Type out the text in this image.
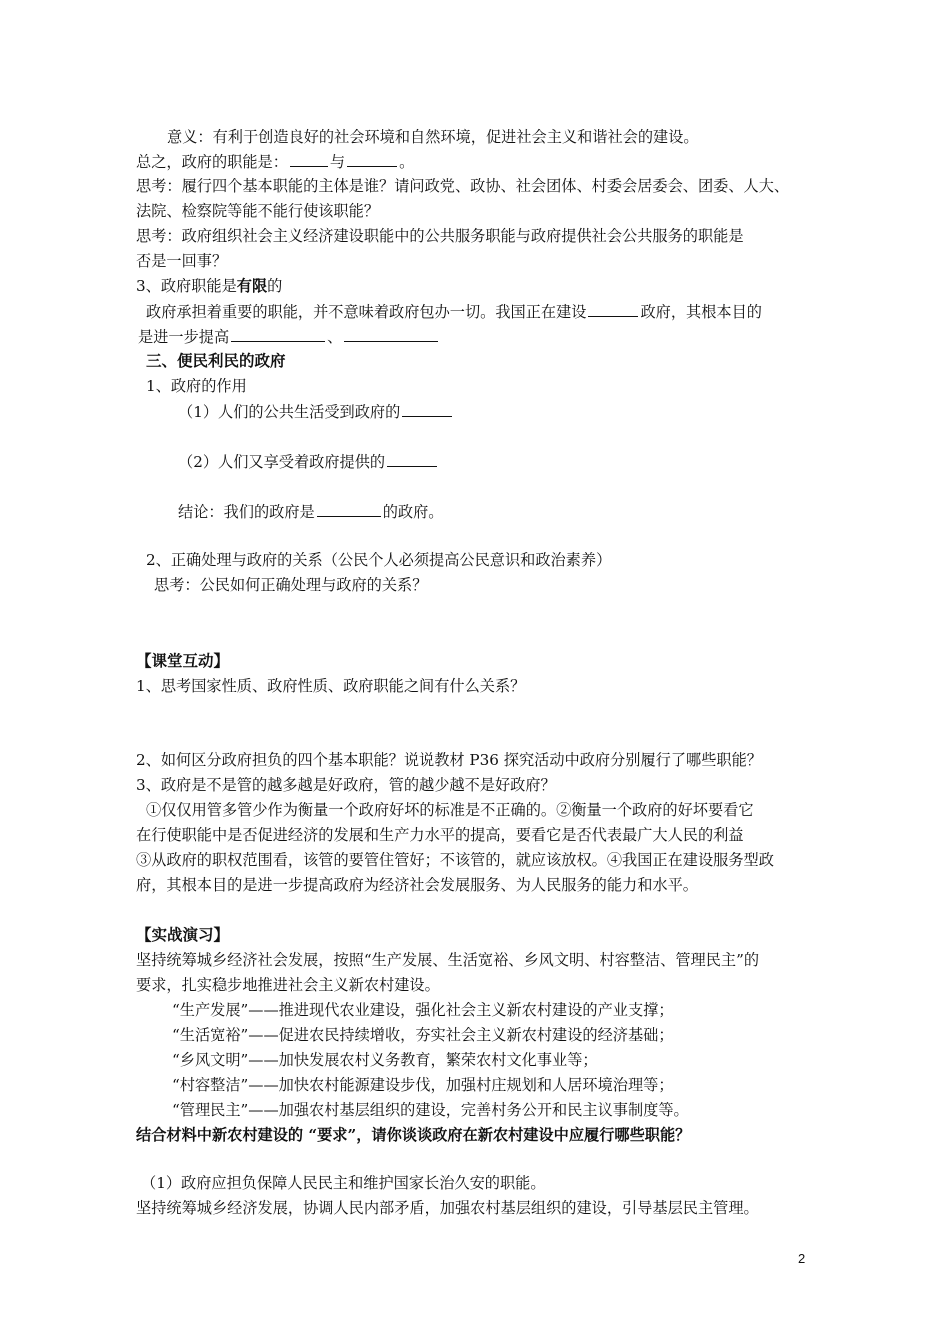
意义：有利于创造良好的社会环境和自然环境，促进社会主义和谐社会的建设。
总之，政府的职能是：	与	。
思考：履行四个基本职能的主体是谁？请问政党、政协、社会团体、村委会居委会、团委、人大、
法院、检察院等能不能行使该职能？
思考：政府组织社会主义经济建设职能中的公共服务职能与政府提供社会公共服务的职能是
否是一回事？
3、政府职能是有限的
政府承担着重要的职能，并不意味着政府包办一切。我国正在建设	政府，其根本目的
是进一步提高	、
三、便民利民的政府
1、政府的作用
（1）人们的公共生活受到政府的
（2）人们又享受着政府提供的
结论：我们的政府是	的政府。
2、正确处理与政府的关系（公民个人必须提高公民意识和政治素养）
思考：公民如何正确处理与政府的关系？
【课堂互动】
1、思考国家性质、政府性质、政府职能之间有什么关系？
2、如何区分政府担负的四个基本职能？说说教材 P36 探究活动中政府分别履行了哪些职能？
3、政府是不是管的越多越是好政府，管的越少越不是好政府？
①仅仅用管多管少作为衡量一个政府好坏的标准是不正确的。②衡量一个政府的好坏要看它
在行使职能中是否促进经济的发展和生产力水平的提高，要看它是否代表最广大人民的利益
③从政府的职权范围看，该管的要管住管好；不该管的，就应该放权。④我国正在建设服务型政
府，其根本目的是进一步提高政府为经济社会发展服务、为人民服务的能力和水平。
【实战演习】
坚持统筹城乡经济社会发展，按照“生产发展、生活宽裕、乡风文明、村容整洁、管理民主”的
要求，扎实稳步地推进社会主义新农村建设。
“生产发展”——推进现代农业建设，强化社会主义新农村建设的产业支撑；
“生活宽裕”——促进农民持续增收，夯实社会主义新农村建设的经济基础；
“乡风文明”——加快发展农村义务教育，繁荣农村文化事业等；
“村容整洁”——加快农村能源建设步伐，加强村庄规划和人居环境治理等；
“管理民主”——加强农村基层组织的建设，完善村务公开和民主议事制度等。
结合材料中新农村建设的 “要求”，请你谈谈政府在新农村建设中应履行哪些职能？
（1）政府应担负保障人民民主和维护国家长治久安的职能。
坚持统筹城乡经济发展，协调人民内部矛盾，加强农村基层组织的建设，引导基层民主管理。
2
